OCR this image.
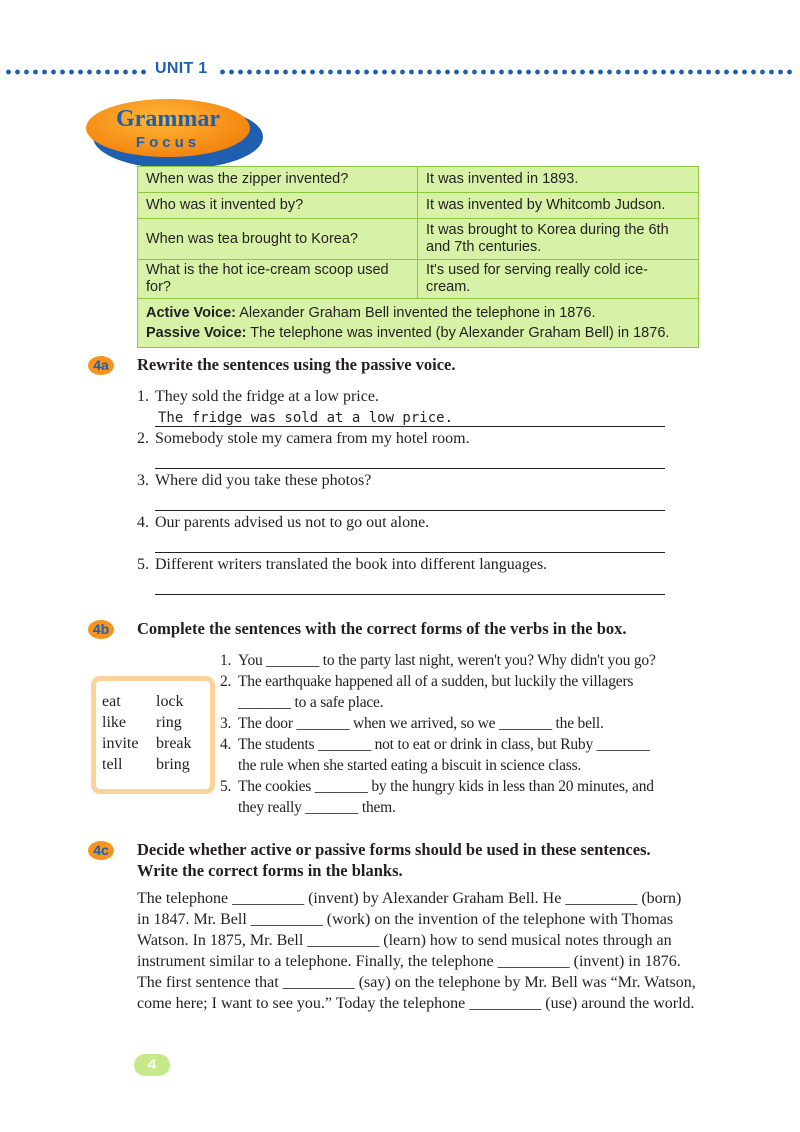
UNIT 1
Grammar
Focus
When was the zipper invented?	It was invented in 1893.
Who was it invented by?	It was invented by Whitcomb Judson.
When was tea brought to Korea?	It was brought to Korea during the 6th
and 7th centuries.
What is the hot ice-cream scoop used for?	It's used for serving really cold ice-cream.
Active Voice: Alexander Graham Bell invented the telephone in 1876.
Passive Voice: The telephone was invented (by Alexander Graham Bell) in 1876.	
4a	Rewrite the sentences using the passive voice.
1. They sold the fridge at a low price.
The fridge was sold at a low price.
2. Somebody stole my camera from my hotel room.
3. Where did you take these photos?
4. Our parents advised us not to go out alone.
5. Different writers translated the book into different languages.
4b Complete the sentences with the correct forms of the verbs in the box.
eat lock
like ring
invite break
tell bring
1. You _______ to the party last night, weren't you? Why didn't you go?
2. The earthquake happened all of a sudden, but luckily the villagers
_______ to a safe place.
3. The door _______ when we arrived, so we _______ the bell.
4. The students _______ not to eat or drink in class, but Ruby _______
the rule when she started eating a biscuit in science class.
5. The cookies _______ by the hungry kids in less than 20 minutes, and
they really _______ them.
4c	Decide whether active or passive forms should be used in these sentences.
Write the correct forms in the blanks.
The telephone _________ (invent) by Alexander Graham Bell. He _________ (born) in 1847. Mr. Bell _________ (work) on the invention of the telephone with Thomas Watson. In 1875, Mr. Bell _________ (learn) how to send musical notes through an instrument similar to a telephone. Finally, the telephone _________ (invent) in 1876. The first sentence that _________ (say) on the telephone by Mr. Bell was “Mr. Watson, come here; I want to see you.” Today the telephone _________ (use) around the world.
4
